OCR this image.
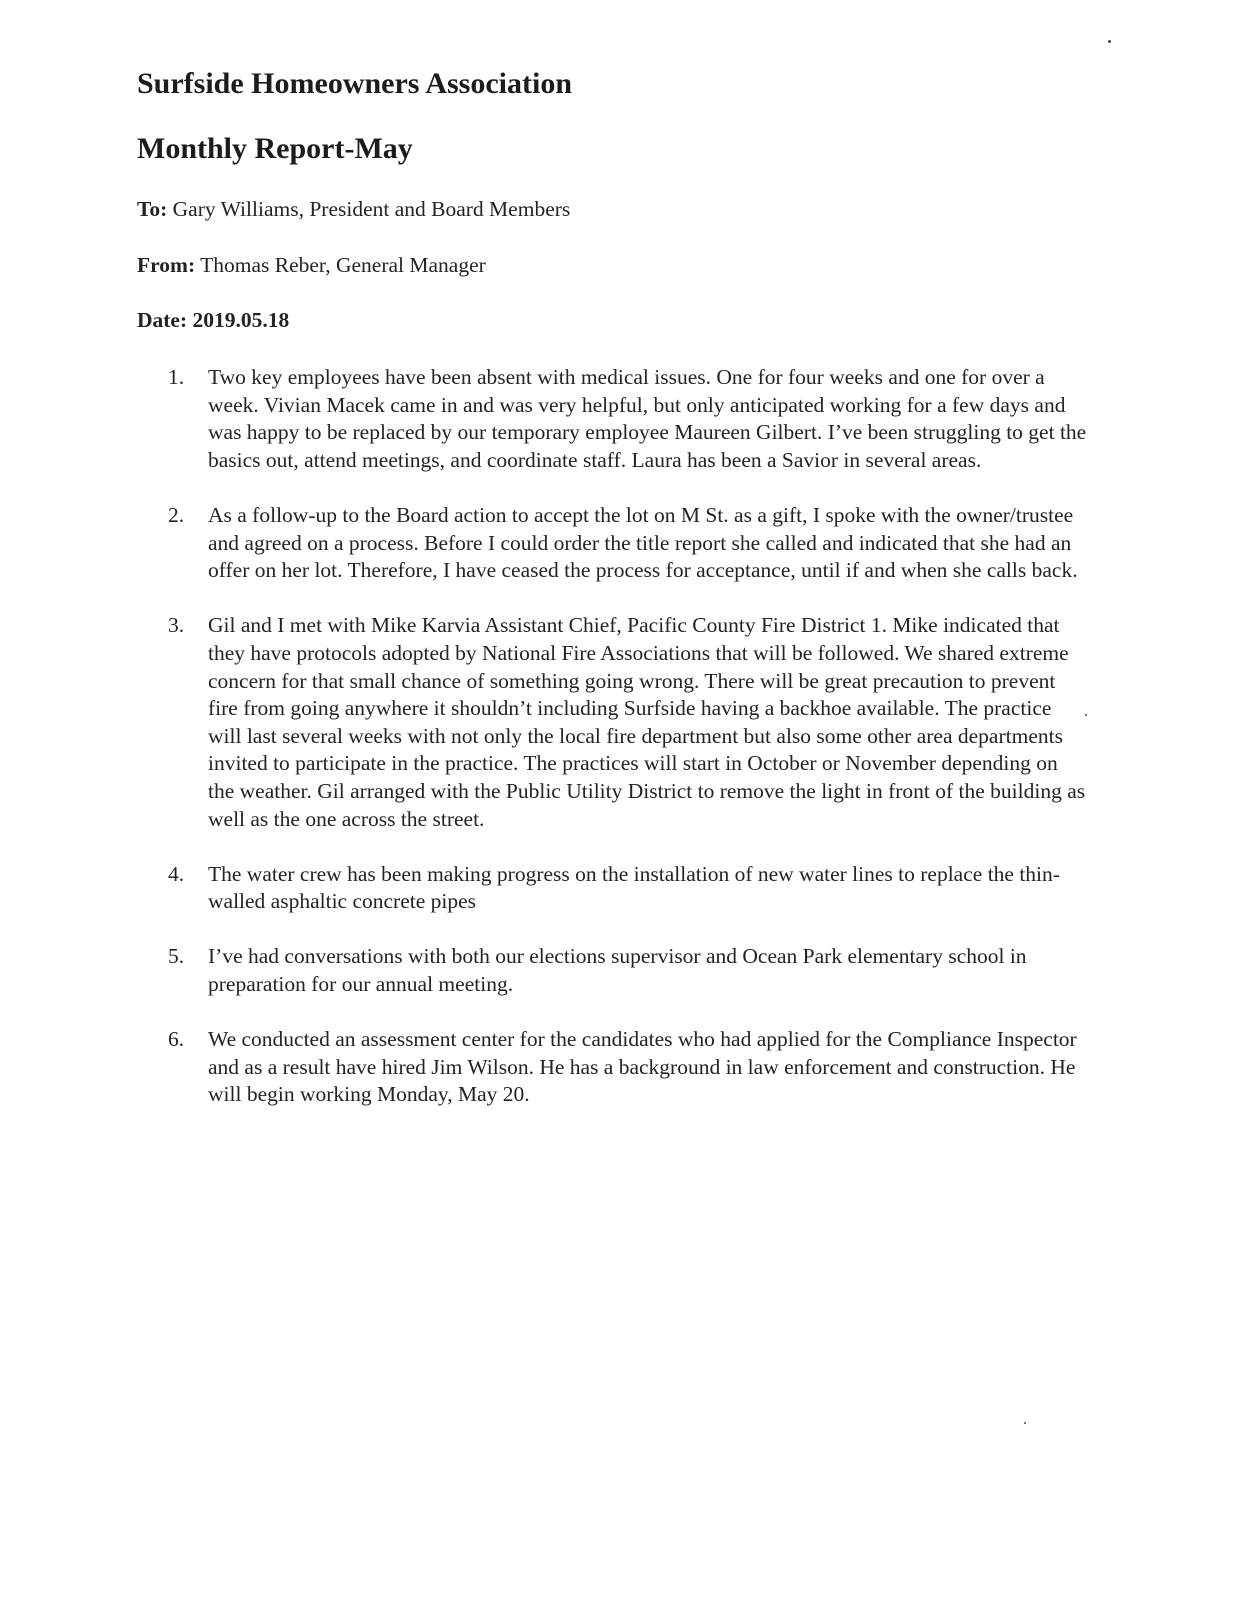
Surfside Homeowners Association
Monthly Report-May

To: Gary Williams, President and Board Members

From: Thomas Reber, General Manager

Date: 2019.05.18

1.	Two key employees have been absent with medical issues. One for four weeks and one for over a week. Vivian Macek came in and was very helpful, but only anticipated working for a few days and was happy to be replaced by our temporary employee Maureen Gilbert. I’ve been struggling to get the basics out, attend meetings, and coordinate staff. Laura has been a Savior in several areas.
2.	As a follow-up to the Board action to accept the lot on M St. as a gift, I spoke with the owner/trustee and agreed on a process. Before I could order the title report she called and indicated that she had an offer on her lot. Therefore, I have ceased the process for acceptance, until if and when she calls back.
3.	Gil and I met with Mike Karvia Assistant Chief, Pacific County Fire District 1. Mike indicated that they have protocols adopted by National Fire Associations that will be followed. We shared extreme concern for that small chance of something going wrong. There will be great precaution to prevent fire from going anywhere it shouldn’t including Surfside having a backhoe available. The practice will last several weeks with not only the local fire department but also some other area departments invited to participate in the practice. The practices will start in October or November depending on the weather. Gil arranged with the Public Utility District to remove the light in front of the building as well as the one across the street.
4.	The water crew has been making progress on the installation of new water lines to replace the thin-walled asphaltic concrete pipes
5.	I’ve had conversations with both our elections supervisor and Ocean Park elementary school in preparation for our annual meeting.
6.	We conducted an assessment center for the candidates who had applied for the Compliance Inspector and as a result have hired Jim Wilson. He has a background in law enforcement and construction. He will begin working Monday, May 20.
